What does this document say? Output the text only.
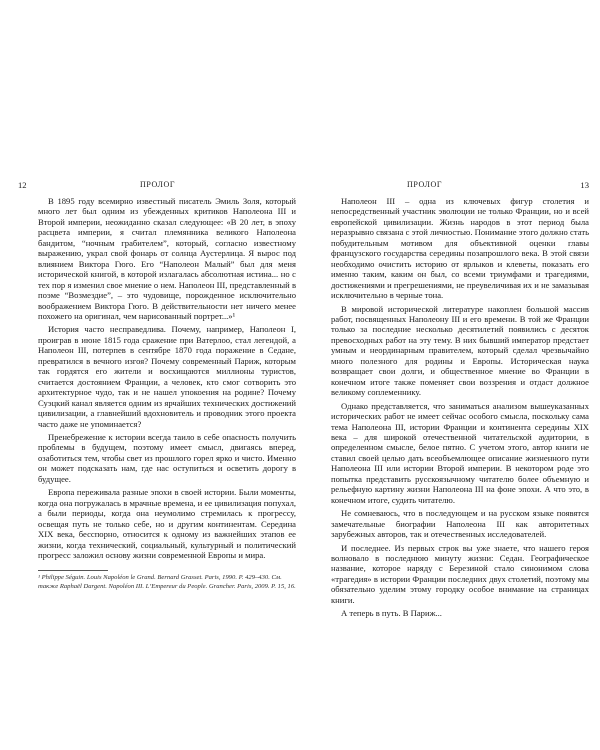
12	ПРОЛОГ

В 1895 году всемирно известный писатель Эмиль Золя, который много лет был одним из убежденных критиков Наполеона III и Второй империи, неожиданно сказал следующее: «В 20 лет, в эпоху расцвета империи, я считал племянника великого Наполеона бандитом, “ночным грабителем”, который, согласно известному выражению, украл свой фонарь от солнца Аустерлица. Я вырос под влиянием Виктора Гюго. Его “Наполеон Малый” был для меня исторической книгой, в которой излагалась абсолютная истина... но с тех пор я изменил свое мнение о нем. Наполеон III, представленный в поэме “Возмездие”, – это чудовище, порожденное исключительно воображением Виктора Гюго. В действительности нет ничего менее похожего на оригинал, чем нарисованный портрет...»¹

История часто несправедлива. Почему, например, Наполеон I, проиграв в июне 1815 года сражение при Ватерлоо, стал легендой, а Наполеон III, потерпев в сентябре 1870 года поражение в Седане, превратился в вечного изгоя? Почему современный Париж, которым так гордятся его жители и восхищаются миллионы туристов, считается достоянием Франции, а человек, кто смог сотворить это архитектурное чудо, так и не нашел упокоения на родине? Почему Суэцкий канал является одним из ярчайших технических достижений цивилизации, а главнейший вдохновитель и проводник этого проекта часто даже не упоминается?

Пренебрежение к истории всегда таило в себе опасность получить проблемы в будущем, поэтому имеет смысл, двигаясь вперед, озаботиться тем, чтобы свет из прошлого горел ярко и чисто. Именно он может подсказать нам, где нас оступиться и осветить дорогу в будущее.

Европа переживала разные эпохи в своей истории. Были моменты, когда она погружалась в мрачные времена, и ее цивилизация попухал, а были периоды, когда она неумолимо стремилась к прогрессу, освещая путь не только себе, но и другим континентам. Середина XIX века, бесспорно, относится к одному из важнейших этапов ее жизни, когда технический, социальный, культурный и политический прогресс заложил основу жизни современной Европы и мира.

¹ Philippe Séguin. Louis Napoléon le Grand. Bernard Grasset. Paris, 1990. P. 429–430. См. также Raphaël Dargent. Napoléon III. L’Empereur du People. Grancher. Paris, 2009. P. 15, 16.
ПРОЛОГ	13

Наполеон III – одна из ключевых фигур столетия и непосредственный участник эволюции не только Франции, но и всей европейской цивилизации. Жизнь народов в этот период была неразрывно связана с этой личностью. Понимание этого должно стать побудительным мотивом для объективной оценки главы французского государства середины позапрошлого века. В этой связи необходимо очистить историю от ярлыков и клеветы, показать его именно таким, каким он был, со всеми триумфами и трагедиями, достижениями и прегрешениями, не преувеличивая их и не замазывая исключительно в черные тона.

В мировой исторической литературе накоплен большой массив работ, посвященных Наполеону III и его времени. В той же Франции только за последние несколько десятилетий появились с десяток превосходных работ на эту тему. В них бывший император предстает умным и неординарным правителем, который сделал чрезвычайно много полезного для родины и Европы. Историческая наука возвращает свои долги, и общественное мнение во Франции в конечном итоге также поменяет свои воззрения и отдаст должное великому соплеменнику.

Однако представляется, что заниматься анализом вышеуказанных исторических работ не имеет сейчас особого смысла, поскольку сама тема Наполеона III, истории Франции и континента середины XIX века – для широкой отечественной читательской аудитории, в определенном смысле, белое пятно. С учетом этого, автор книги не ставил своей целью дать всеобъемлющее описание жизненного пути Наполеона III или истории Второй империи. В некотором роде это попытка представить русскоязычному читателю более объемную и рельефную картину жизни Наполеона III на фоне эпохи. А что это, в конечном итоге, судить читателю.

Не сомневаюсь, что в последующем и на русском языке появятся замечательные биографии Наполеона III как авторитетных зарубежных авторов, так и отечественных исследователей.

И последнее. Из первых строк вы уже знаете, что нашего героя волновало в последнюю минуту жизни: Седан. Географическое название, которое наряду с Березиной стало синонимом слова «трагедия» в истории Франции последних двух столетий, поэтому мы обязательно уделим этому городку особое внимание на страницах книги.

А теперь в путь. В Париж...
